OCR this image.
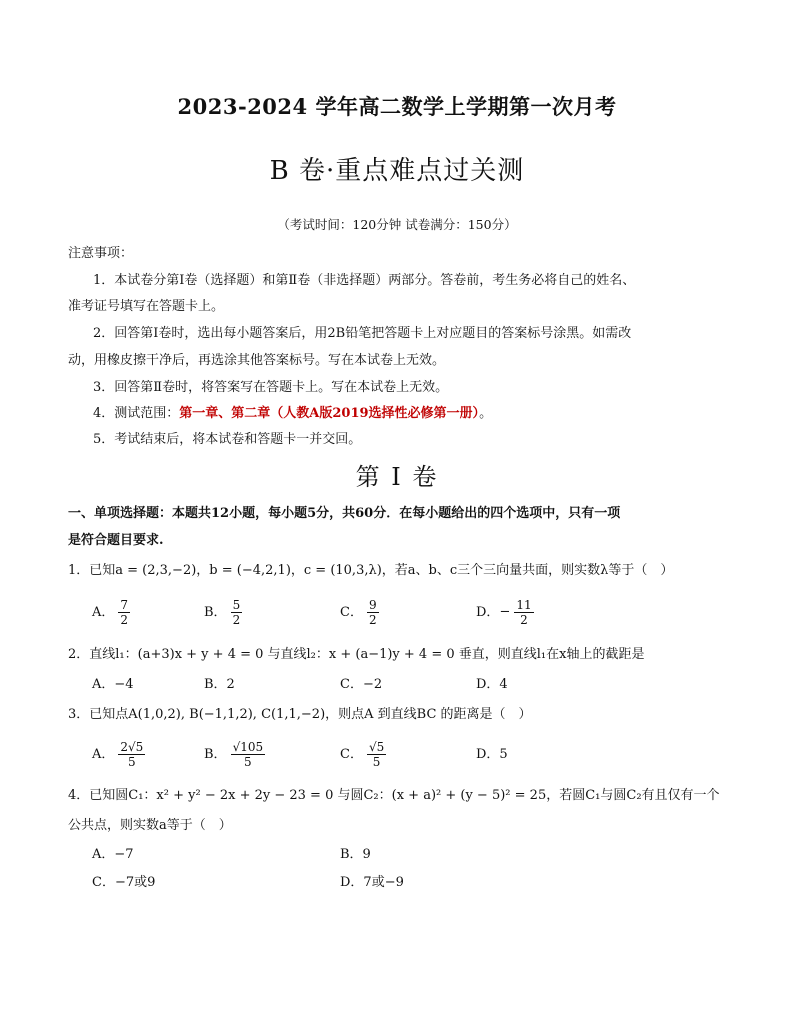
2023-2024 学年高二数学上学期第一次月考
B 卷·重点难点过关测
（考试时间：120分钟 试卷满分：150分）
注意事项：
1．本试卷分第Ⅰ卷（选择题）和第Ⅱ卷（非选择题）两部分。答卷前，考生务必将自己的姓名、
准考证号填写在答题卡上。
2．回答第Ⅰ卷时，选出每小题答案后，用2B铅笔把答题卡上对应题目的答案标号涂黑。如需改
动，用橡皮擦干净后，再选涂其他答案标号。写在本试卷上无效。
3．回答第Ⅱ卷时，将答案写在答题卡上。写在本试卷上无效。
4．测试范围：第一章、第二章（人教A版2019选择性必修第一册）。
5．考试结束后，将本试卷和答题卡一并交回。
第 I 卷
一、单项选择题：本题共12小题，每小题5分，共60分．在每小题给出的四个选项中，只有一项
是符合题目要求.
1．已知a = (2,3,−2)，b = (−4,2,1)，c = (10,3,λ)，若a、b、c三个三向量共面，则实数λ等于（　）
A． $\frac{7}{2}$	B． $\frac{5}{2}$	C． $\frac{9}{2}$	D．− $\frac{11}{2}$
2．直线l₁：(a+3)x + y + 4 = 0 与直线l₂：x + (a−1)y + 4 = 0 垂直，则直线l₁在x轴上的截距是
A．−4	B．2	C．−2	D．4
3．已知点A(1,0,2), B(−1,1,2), C(1,1,−2)，则点A 到直线BC 的距离是（　）
A． $\frac{2√5}{5}$	B． $\frac{√105}{5}$	C． $\frac{√5}{5}$	D．5
4．已知圆C₁：x² + y² − 2x + 2y − 23 = 0 与圆C₂：(x + a)² + (y − 5)² = 25，若圆C₁与圆C₂有且仅有一个
公共点，则实数a等于（　）
A．−7	B．9
C．−7或9	D．7或−9
